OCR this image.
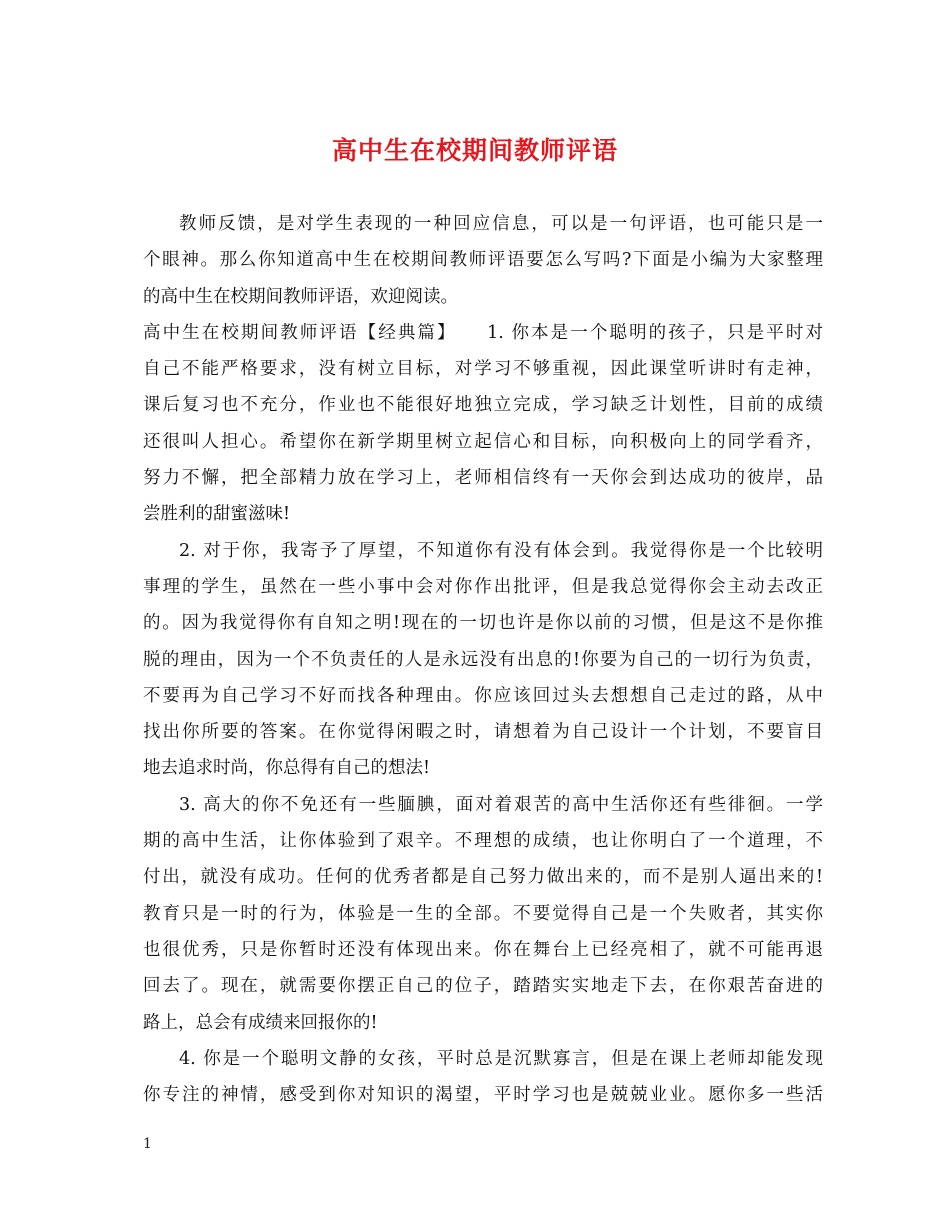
高中生在校期间教师评语
教师反馈，是对学生表现的一种回应信息，可以是一句评语，也可能只是一
个眼神。那么你知道高中生在校期间教师评语要怎么写吗?下面是小编为大家整理
的高中生在校期间教师评语，欢迎阅读。
高中生在校期间教师评语【经典篇】　　1. 你本是一个聪明的孩子，只是平时对
自己不能严格要求，没有树立目标，对学习不够重视，因此课堂听讲时有走神，
课后复习也不充分，作业也不能很好地独立完成，学习缺乏计划性，目前的成绩
还很叫人担心。希望你在新学期里树立起信心和目标，向积极向上的同学看齐，
努力不懈，把全部精力放在学习上，老师相信终有一天你会到达成功的彼岸，品
尝胜利的甜蜜滋味!
2. 对于你，我寄予了厚望，不知道你有没有体会到。我觉得你是一个比较明
事理的学生，虽然在一些小事中会对你作出批评，但是我总觉得你会主动去改正
的。因为我觉得你有自知之明!现在的一切也许是你以前的习惯，但是这不是你推
脱的理由，因为一个不负责任的人是永远没有出息的!你要为自己的一切行为负责，
不要再为自己学习不好而找各种理由。你应该回过头去想想自己走过的路，从中
找出你所要的答案。在你觉得闲暇之时，请想着为自己设计一个计划，不要盲目
地去追求时尚，你总得有自己的想法!
3. 高大的你不免还有一些腼腆，面对着艰苦的高中生活你还有些徘徊。一学
期的高中生活，让你体验到了艰辛。不理想的成绩，也让你明白了一个道理，不
付出，就没有成功。任何的优秀者都是自己努力做出来的，而不是别人逼出来的!
教育只是一时的行为，体验是一生的全部。不要觉得自己是一个失败者，其实你
也很优秀，只是你暂时还没有体现出来。你在舞台上已经亮相了，就不可能再退
回去了。现在，就需要你摆正自己的位子，踏踏实实地走下去，在你艰苦奋进的
路上，总会有成绩来回报你的!
4. 你是一个聪明文静的女孩，平时总是沉默寡言，但是在课上老师却能发现
你专注的神情，感受到你对知识的渴望，平时学习也是兢兢业业。愿你多一些活
1
